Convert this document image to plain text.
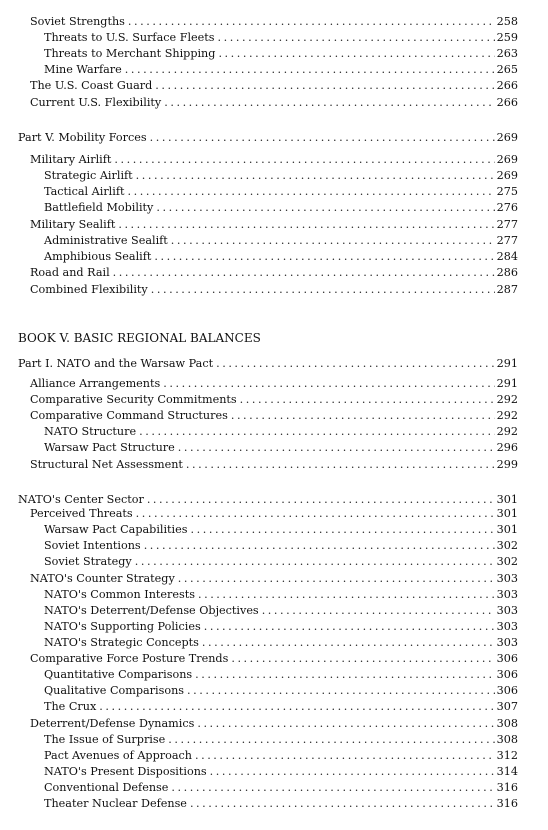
BOOK V. BASIC REGIONAL BALANCES
Soviet Strengths . . .	258
Threats to U.S. Surface Fleets . . .	259
Threats to Merchant Shipping . . .	263
Mine Warfare . . .	265
The U.S. Coast Guard . . .	266
Current U.S. Flexibility . . .	266
Part V. Mobility Forces . . .	269
Military Airlift . . .	269
Strategic Airlift . . .	269
Tactical Airlift . . .	275
Battlefield Mobility . . .	276
Military Sealift . . .	277
Administrative Sealift . . .	277
Amphibious Sealift . . .	284
Road and Rail . . .	286
Combined Flexibility . . .	287
Part I. NATO and the Warsaw Pact . . .	291
Alliance Arrangements . . .	291
Comparative Security Commitments . . .	292
Comparative Command Structures . . .	292
NATO Structure . . .	292
Warsaw Pact Structure . . .	296
Structural Net Assessment . . .	299
NATO's Center Sector . . .	301
Perceived Threats . . .	301
Warsaw Pact Capabilities . . .	301
Soviet Intentions . . .	302
Soviet Strategy . . .	302
NATO's Counter Strategy . . .	303
NATO's Common Interests . . .	303
NATO's Deterrent/Defense Objectives . . .	303
NATO's Supporting Policies . . .	303
NATO's Strategic Concepts . . .	303
Comparative Force Posture Trends . . .	306
Quantitative Comparisons . . .	306
Qualitative Comparisons . . .	306
The Crux . . .	307
Deterrent/Defense Dynamics . . .	308
The Issue of Surprise . . .	308
Pact Avenues of Approach . . .	312
NATO's Present Dispositions . . .	314
Conventional Defense . . .	316
Theater Nuclear Defense . . .	316
